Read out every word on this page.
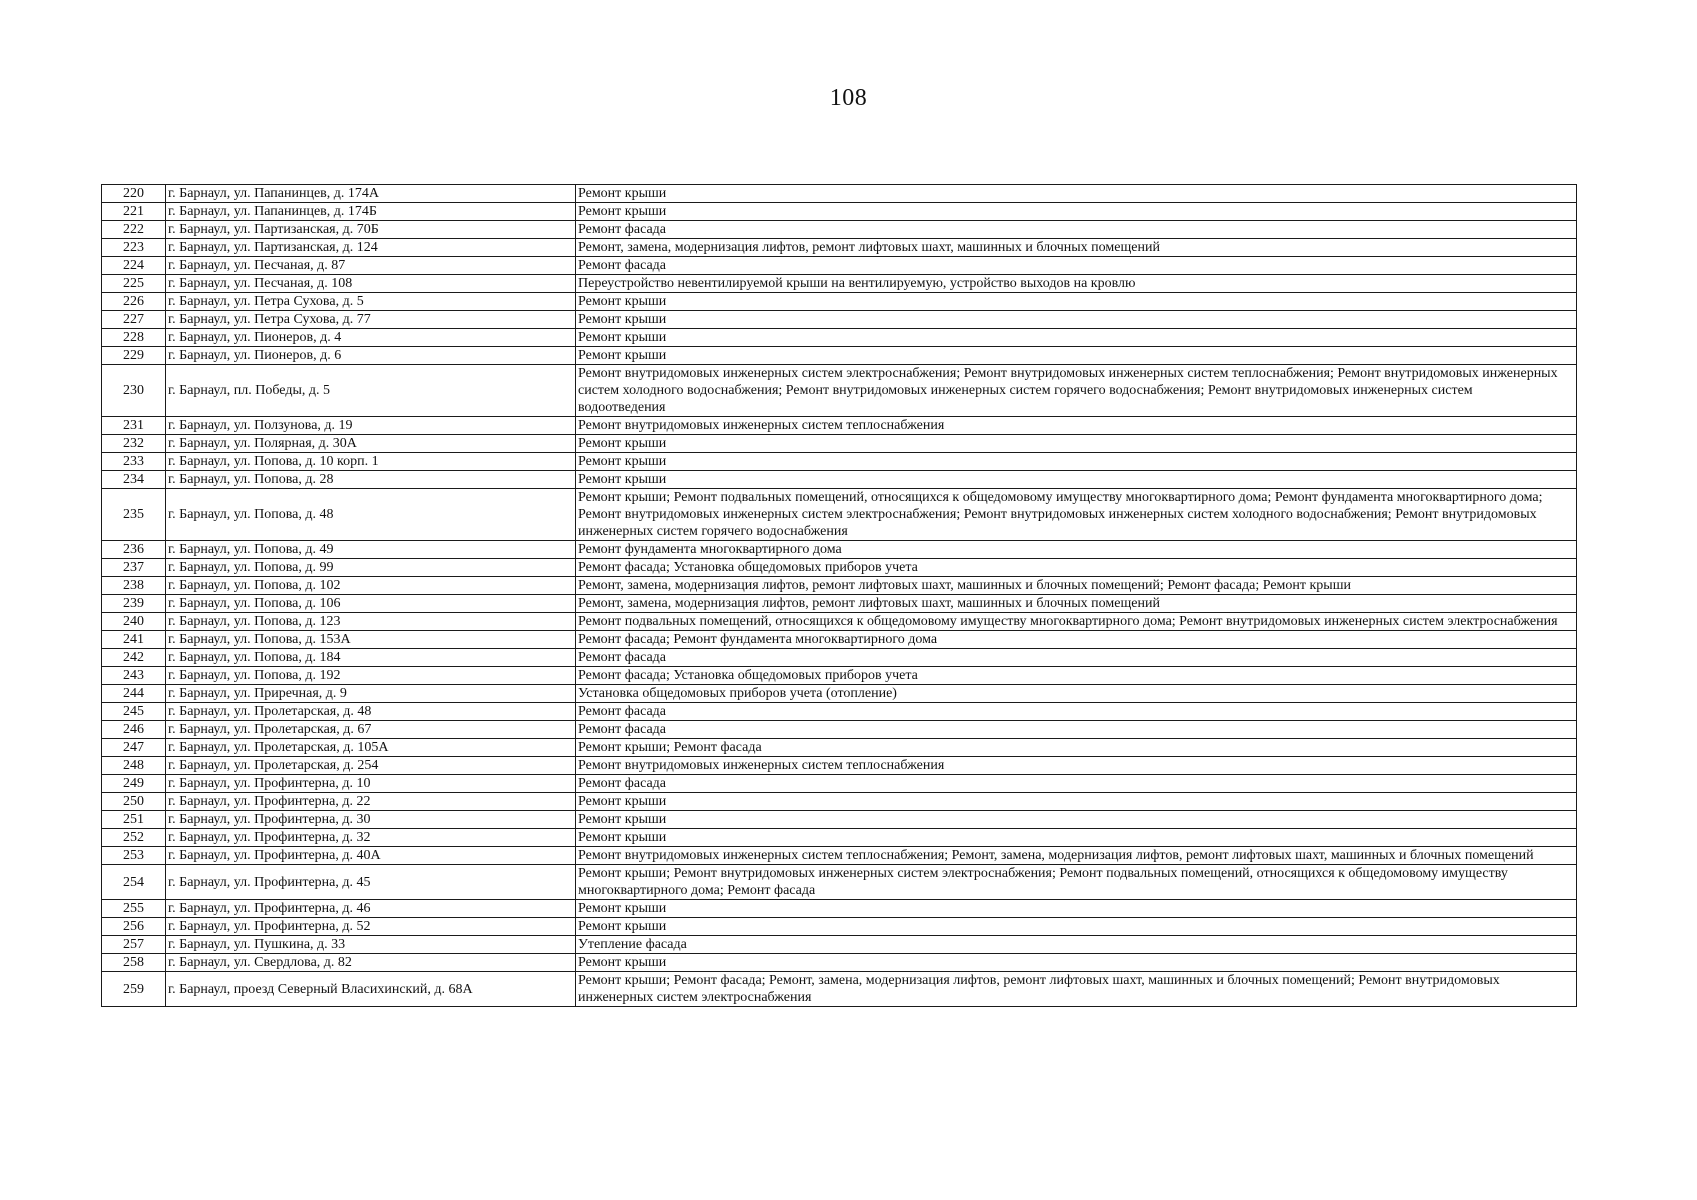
108
220	г. Барнаул, ул. Папанинцев, д. 174А	Ремонт крыши
221	г. Барнаул, ул. Папанинцев, д. 174Б	Ремонт крыши
222	г. Барнаул, ул. Партизанская, д. 70Б	Ремонт фасада
223	г. Барнаул, ул. Партизанская, д. 124	Ремонт, замена, модернизация лифтов, ремонт лифтовых шахт, машинных и блочных помещений
224	г. Барнаул, ул. Песчаная, д. 87	Ремонт фасада
225	г. Барнаул, ул. Песчаная, д. 108	Переустройство невентилируемой крыши на вентилируемую, устройство выходов на кровлю
226	г. Барнаул, ул. Петра Сухова, д. 5	Ремонт крыши
227	г. Барнаул, ул. Петра Сухова, д. 77	Ремонт крыши
228	г. Барнаул, ул. Пионеров, д. 4	Ремонт крыши
229	г. Барнаул, ул. Пионеров, д. 6	Ремонт крыши
230	г. Барнаул, пл. Победы, д. 5	Ремонт внутридомовых инженерных систем электроснабжения; Ремонт внутридомовых инженерных систем теплоснабжения; Ремонт внутридомовых инженерных систем холодного водоснабжения; Ремонт внутридомовых инженерных систем горячего водоснабжения; Ремонт внутридомовых инженерных систем водоотведения
231	г. Барнаул, ул. Ползунова, д. 19	Ремонт внутридомовых инженерных систем теплоснабжения
232	г. Барнаул, ул. Полярная, д. 30А	Ремонт крыши
233	г. Барнаул, ул. Попова, д. 10 корп. 1	Ремонт крыши
234	г. Барнаул, ул. Попова, д. 28	Ремонт крыши
235	г. Барнаул, ул. Попова, д. 48	Ремонт крыши; Ремонт подвальных помещений, относящихся к общедомовому имуществу многоквартирного дома; Ремонт фундамента многоквартирного дома; Ремонт внутридомовых инженерных систем электроснабжения; Ремонт внутридомовых инженерных систем холодного водоснабжения; Ремонт внутридомовых инженерных систем горячего водоснабжения
236	г. Барнаул, ул. Попова, д. 49	Ремонт фундамента многоквартирного дома
237	г. Барнаул, ул. Попова, д. 99	Ремонт фасада; Установка общедомовых приборов учета
238	г. Барнаул, ул. Попова, д. 102	Ремонт, замена, модернизация лифтов, ремонт лифтовых шахт, машинных и блочных помещений; Ремонт фасада; Ремонт крыши
239	г. Барнаул, ул. Попова, д. 106	Ремонт, замена, модернизация лифтов, ремонт лифтовых шахт, машинных и блочных помещений
240	г. Барнаул, ул. Попова, д. 123	Ремонт подвальных помещений, относящихся к общедомовому имуществу многоквартирного дома; Ремонт внутридомовых инженерных систем электроснабжения
241	г. Барнаул, ул. Попова, д. 153А	Ремонт фасада; Ремонт фундамента многоквартирного дома
242	г. Барнаул, ул. Попова, д. 184	Ремонт фасада
243	г. Барнаул, ул. Попова, д. 192	Ремонт фасада; Установка общедомовых приборов учета
244	г. Барнаул, ул. Приречная, д. 9	Установка общедомовых приборов учета (отопление)
245	г. Барнаул, ул. Пролетарская, д. 48	Ремонт фасада
246	г. Барнаул, ул. Пролетарская, д. 67	Ремонт фасада
247	г. Барнаул, ул. Пролетарская, д. 105А	Ремонт крыши; Ремонт фасада
248	г. Барнаул, ул. Пролетарская, д. 254	Ремонт внутридомовых инженерных систем теплоснабжения
249	г. Барнаул, ул. Профинтерна, д. 10	Ремонт фасада
250	г. Барнаул, ул. Профинтерна, д. 22	Ремонт крыши
251	г. Барнаул, ул. Профинтерна, д. 30	Ремонт крыши
252	г. Барнаул, ул. Профинтерна, д. 32	Ремонт крыши
253	г. Барнаул, ул. Профинтерна, д. 40А	Ремонт внутридомовых инженерных систем теплоснабжения; Ремонт, замена, модернизация лифтов, ремонт лифтовых шахт, машинных и блочных помещений
254	г. Барнаул, ул. Профинтерна, д. 45	Ремонт крыши; Ремонт внутридомовых инженерных систем электроснабжения; Ремонт подвальных помещений, относящихся к общедомовому имуществу многоквартирного дома; Ремонт фасада
255	г. Барнаул, ул. Профинтерна, д. 46	Ремонт крыши
256	г. Барнаул, ул. Профинтерна, д. 52	Ремонт крыши
257	г. Барнаул, ул. Пушкина, д. 33	Утепление фасада
258	г. Барнаул, ул. Свердлова, д. 82	Ремонт крыши
259	г. Барнаул, проезд Северный Власихинский, д. 68А	Ремонт крыши; Ремонт фасада; Ремонт, замена, модернизация лифтов, ремонт лифтовых шахт, машинных и блочных помещений; Ремонт внутридомовых инженерных систем электроснабжения
